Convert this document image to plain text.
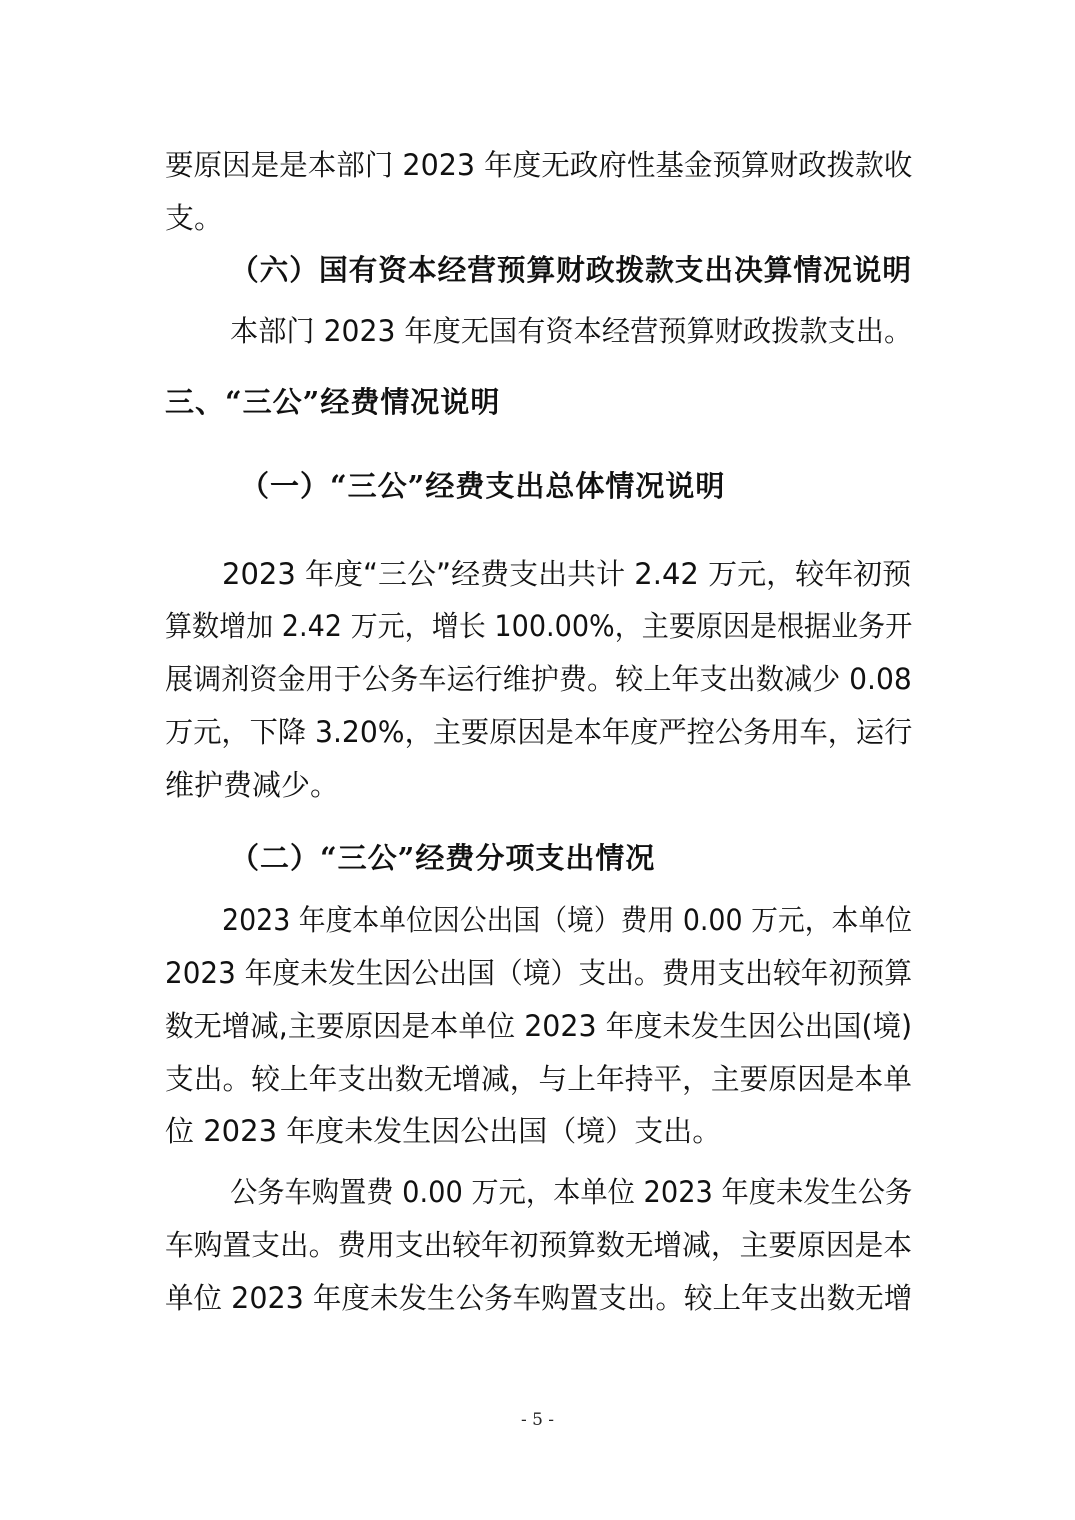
要原因是是本部门 2023 年度无政府性基金预算财政拨款收

支。

（六）国有资本经营预算财政拨款支出决算情况说明

本部门 2023 年度无国有资本经营预算财政拨款支出。

三、“三公”经费情况说明

（一）“三公”经费支出总体情况说明

2023 年度“三公”经费支出共计 2.42 万元，较年初预

算数增加 2.42 万元，增长 100.00%，主要原因是根据业务开

展调剂资金用于公务车运行维护费。较上年支出数减少 0.08

万元，下降 3.20%，主要原因是本年度严控公务用车，运行

维护费减少。

（二）“三公”经费分项支出情况

2023 年度本单位因公出国（境）费用 0.00 万元，本单位

2023 年度未发生因公出国（境）支出。费用支出较年初预算

数无增减,主要原因是本单位 2023 年度未发生因公出国(境)

支出。较上年支出数无增减，与上年持平，主要原因是本单

位 2023 年度未发生因公出国（境）支出。

公务车购置费 0.00 万元，本单位 2023 年度未发生公务

车购置支出。费用支出较年初预算数无增减，主要原因是本

单位 2023 年度未发生公务车购置支出。较上年支出数无增

- 5 -
